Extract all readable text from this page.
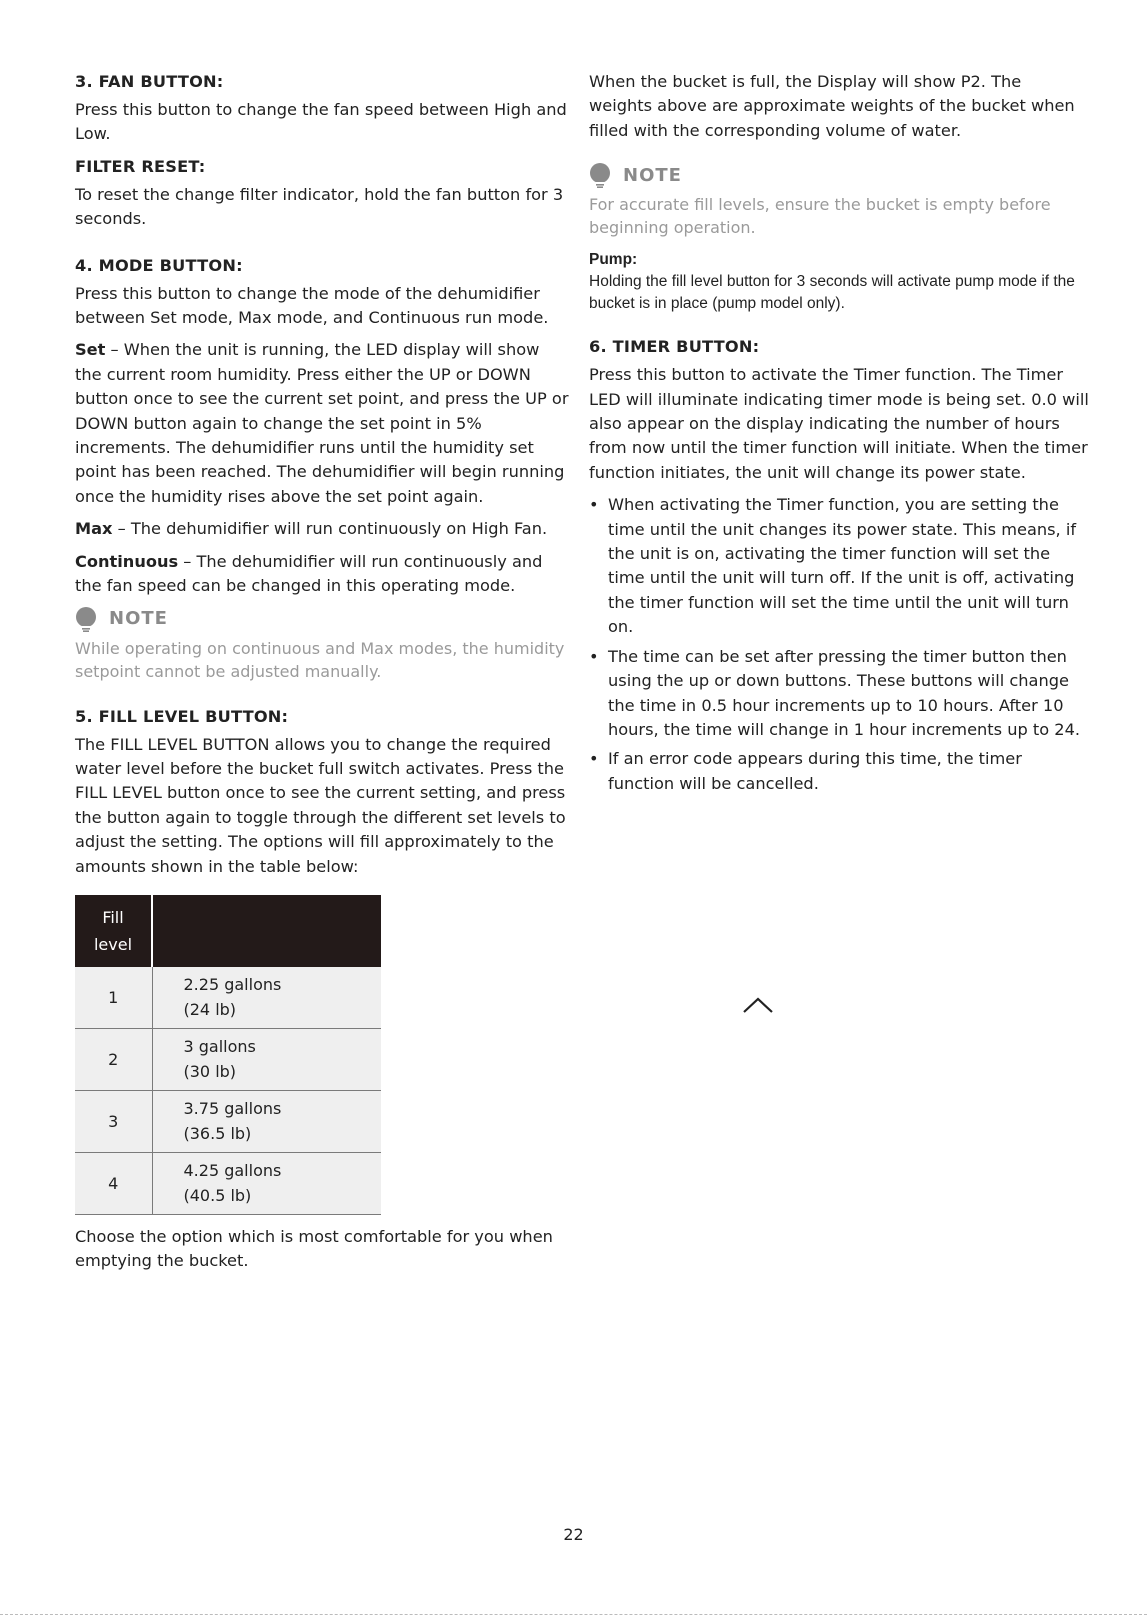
3. FAN BUTTON:

Press this button to change the fan speed between High and Low.

FILTER RESET:

To reset the change filter indicator, hold the fan button for 3 seconds.

4. MODE BUTTON:

Press this button to change the mode of the dehumidifier between Set mode, Max mode, and Continuous run mode.

Set – When the unit is running, the LED display will show the current room humidity. Press either the UP or DOWN button once to see the current set point, and press the UP or DOWN button again to change the set point in 5% increments. The dehumidifier runs until the humidity set point has been reached. The dehumidifier will begin running once the humidity rises above the set point again.

Max – The dehumidifier will run continuously on High Fan.

Continuous – The dehumidifier will run continuously and the fan speed can be changed in this operating mode.

NOTE

While operating on continuous and Max modes, the humidity setpoint cannot be adjusted manually.

5. FILL LEVEL BUTTON:

The FILL LEVEL BUTTON allows you to change the required water level before the bucket full switch activates. Press the FILL LEVEL button once to see the current setting, and press the button again to toggle through the different set levels to adjust the setting. The options will fill approximately to the amounts shown in the table below:

Fill
level	
1	2.25 gallons
(24 lb)
2	3 gallons
(30 lb)
3	3.75 gallons
(36.5 lb)
4	4.25 gallons
(40.5 lb)

Choose the option which is most comfortable for you when emptying the bucket.

When the bucket is full, the Display will show P2. The weights above are approximate weights of the bucket when filled with the corresponding volume of water.

NOTE

For accurate fill levels, ensure the bucket is empty before beginning operation.

Pump:

Holding the fill level button for 3 seconds will activate pump mode if the bucket is in place (pump model only).

6. TIMER BUTTON:

Press this button to activate the Timer function. The Timer LED will illuminate indicating timer mode is being set. 0.0 will also appear on the display indicating the number of hours from now until the timer function will initiate. When the timer function initiates, the unit will change its power state.

• When activating the Timer function, you are setting the time until the unit changes its power state. This means, if the unit is on, activating the timer function will set the time until the unit will turn off. If the unit is off, activating the timer function will set the time until the unit will turn on.
• The time can be set after pressing the timer button then using the up or down buttons. These buttons will change the time in 0.5 hour increments up to 10 hours. After 10 hours, the time will change in 1 hour increments up to 24.
• If an error code appears during this time, the timer function will be cancelled.
22
